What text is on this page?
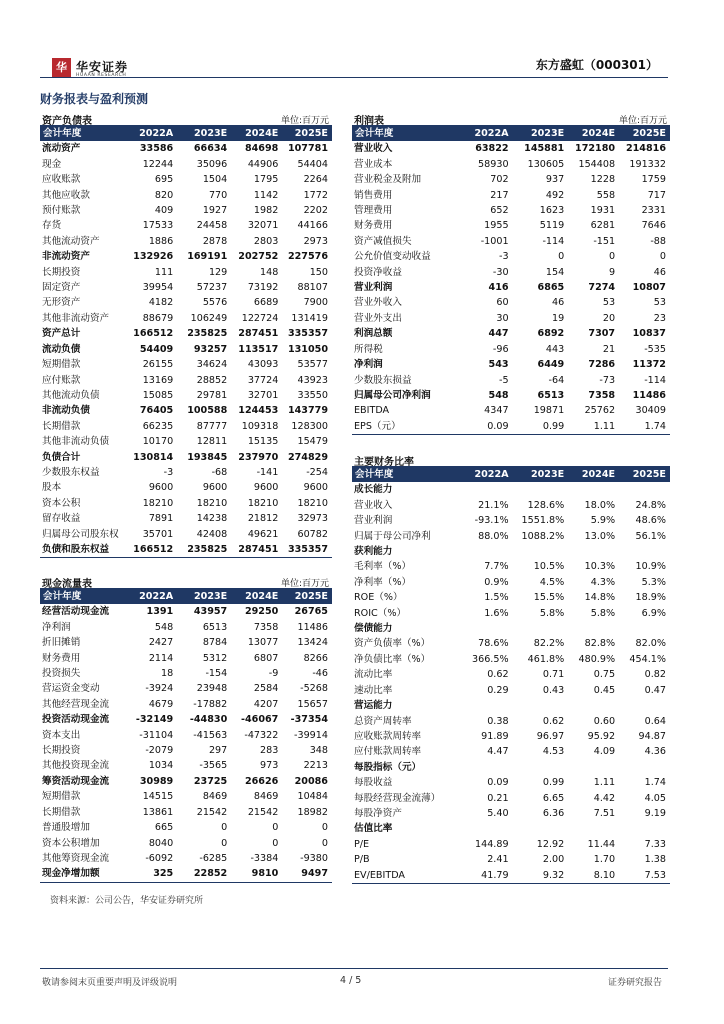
华 华安证券
HUAAN RESEARCH
东方盛虹（000301）
财务报表与盈利预测
资产负债表	单位:百万元
会计年度	2022A	2023E	2024E	2025E
流动资产	33586	66634	84698	107781
现金	12244	35096	44906	54404
应收账款	695	1504	1795	2264
其他应收款	820	770	1142	1772
预付账款	409	1927	1982	2202
存货	17533	24458	32071	44166
其他流动资产	1886	2878	2803	2973
非流动资产	132926	169191	202752	227576
长期投资	111	129	148	150
固定资产	39954	57237	73192	88107
无形资产	4182	5576	6689	7900
其他非流动资产	88679	106249	122724	131419
资产总计	166512	235825	287451	335357
流动负债	54409	93257	113517	131050
短期借款	26155	34624	43093	53577
应付账款	13169	28852	37724	43923
其他流动负债	15085	29781	32701	33550
非流动负债	76405	100588	124453	143779
长期借款	66235	87777	109318	128300
其他非流动负债	10170	12811	15135	15479
负债合计	130814	193845	237970	274829
少数股东权益	-3	-68	-141	-254
股本	9600	9600	9600	9600
资本公积	18210	18210	18210	18210
留存收益	7891	14238	21812	32973
归属母公司股东权	35701	42408	49621	60782
负债和股东权益	166512	235825	287451	335357
现金流量表	单位:百万元
会计年度	2022A	2023E	2024E	2025E
经营活动现金流	1391	43957	29250	26765
净利润	548	6513	7358	11486
折旧摊销	2427	8784	13077	13424
财务费用	2114	5312	6807	8266
投资损失	18	-154	-9	-46
营运资金变动	-3924	23948	2584	-5268
其他经营现金流	4679	-17882	4207	15657
投资活动现金流	-32149	-44830	-46067	-37354
资本支出	-31104	-41563	-47322	-39914
长期投资	-2079	297	283	348
其他投资现金流	1034	-3565	973	2213
筹资活动现金流	30989	23725	26626	20086
短期借款	14515	8469	8469	10484
长期借款	13861	21542	21542	18982
普通股增加	665	0	0	0
资本公积增加	8040	0	0	0
其他筹资现金流	-6092	-6285	-3384	-9380
现金净增加额	325	22852	9810	9497
利润表	单位:百万元
会计年度	2022A	2023E	2024E	2025E
营业收入	63822	145881	172180	214816
营业成本	58930	130605	154408	191332
营业税金及附加	702	937	1228	1759
销售费用	217	492	558	717
管理费用	652	1623	1931	2331
财务费用	1955	5119	6281	7646
资产减值损失	-1001	-114	-151	-88
公允价值变动收益	-3	0	0	0
投资净收益	-30	154	9	46
营业利润	416	6865	7274	10807
营业外收入	60	46	53	53
营业外支出	30	19	20	23
利润总额	447	6892	7307	10837
所得税	-96	443	21	-535
净利润	543	6449	7286	11372
少数股东损益	-5	-64	-73	-114
归属母公司净利润	548	6513	7358	11486
EBITDA	4347	19871	25762	30409
EPS（元）	0.09	0.99	1.11	1.74
主要财务比率
会计年度	2022A	2023E	2024E	2025E
成长能力				
营业收入	21.1%	128.6%	18.0%	24.8%
营业利润	-93.1%	1551.8%	5.9%	48.6%
归属于母公司净利	88.0%	1088.2%	13.0%	56.1%
获利能力				
毛利率（%）	7.7%	10.5%	10.3%	10.9%
净利率（%）	0.9%	4.5%	4.3%	5.3%
ROE（%）	1.5%	15.5%	14.8%	18.9%
ROIC（%）	1.6%	5.8%	5.8%	6.9%
偿债能力				
资产负债率（%）	78.6%	82.2%	82.8%	82.0%
净负债比率（%）	366.5%	461.8%	480.9%	454.1%
流动比率	0.62	0.71	0.75	0.82
速动比率	0.29	0.43	0.45	0.47
营运能力				
总资产周转率	0.38	0.62	0.60	0.64
应收账款周转率	91.89	96.97	95.92	94.87
应付账款周转率	4.47	4.53	4.09	4.36
每股指标（元）				
每股收益	0.09	0.99	1.11	1.74
每股经营现金流薄）	0.21	6.65	4.42	4.05
每股净资产	5.40	6.36	7.51	9.19
估值比率				
P/E	144.89	12.92	11.44	7.33
P/B	2.41	2.00	1.70	1.38
EV/EBITDA	41.79	9.32	8.10	7.53
资料来源：公司公告，华安证券研究所
敬请参阅末页重要声明及评级说明	4 / 5	证券研究报告
